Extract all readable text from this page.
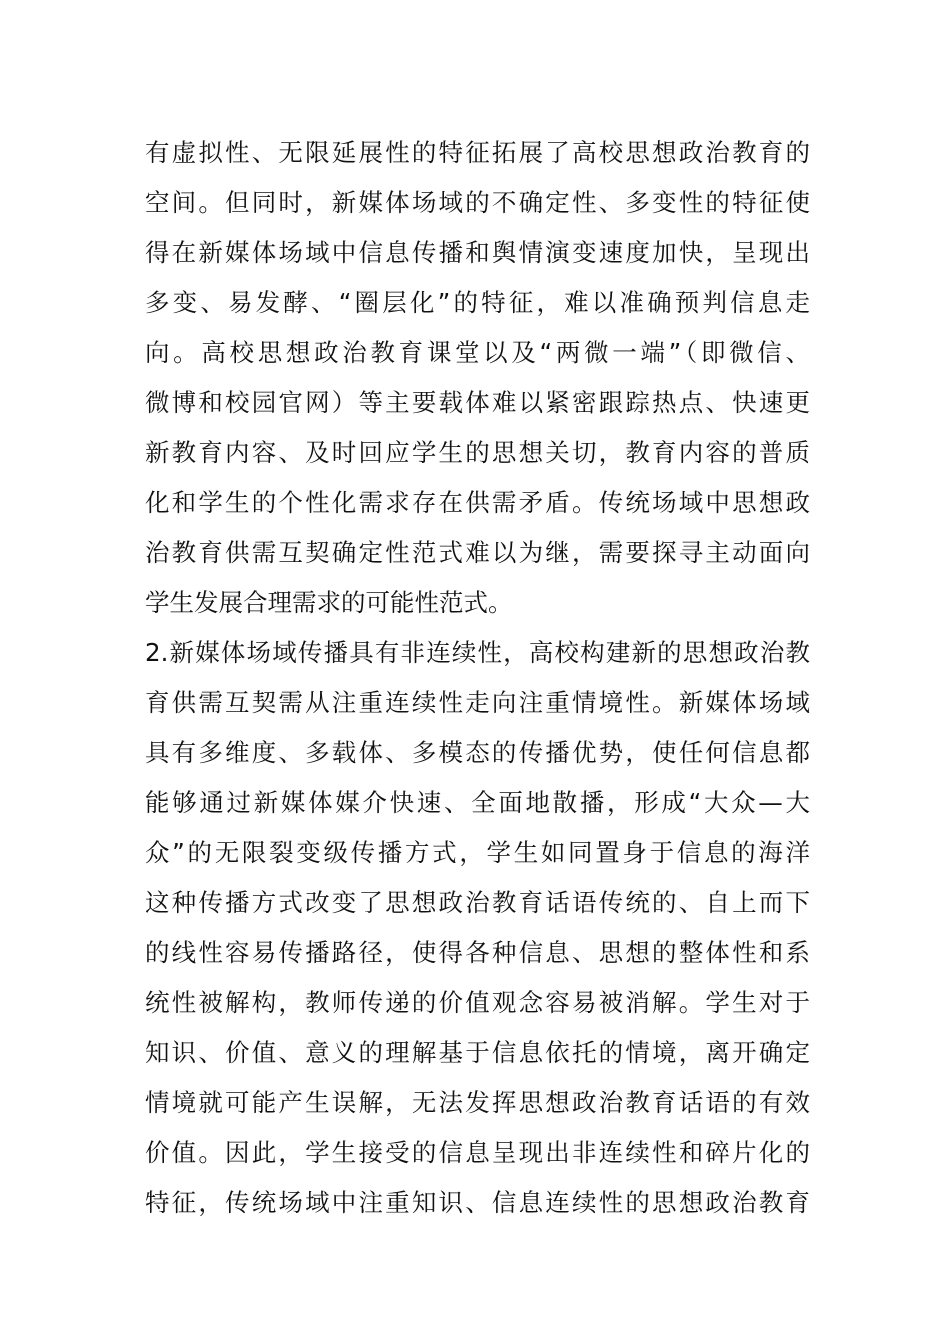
有虚拟性、无限延展性的特征拓展了高校思想政治教育的
空间。但同时，新媒体场域的不确定性、多变性的特征使
得在新媒体场域中信息传播和舆情演变速度加快，呈现出
多变、易发酵、“圈层化”的特征，难以准确预判信息走
向。高校思想政治教育课堂以及“两微一端”（即微信、
微博和校园官网）等主要载体难以紧密跟踪热点、快速更
新教育内容、及时回应学生的思想关切，教育内容的普质
化和学生的个性化需求存在供需矛盾。传统场域中思想政
治教育供需互契确定性范式难以为继，需要探寻主动面向
学生发展合理需求的可能性范式。
2.新媒体场域传播具有非连续性，高校构建新的思想政治教
育供需互契需从注重连续性走向注重情境性。新媒体场域
具有多维度、多载体、多模态的传播优势，使任何信息都
能够通过新媒体媒介快速、全面地散播，形成“大众—大
众”的无限裂变级传播方式，学生如同置身于信息的海洋
这种传播方式改变了思想政治教育话语传统的、自上而下
的线性容易传播路径，使得各种信息、思想的整体性和系
统性被解构，教师传递的价值观念容易被消解。学生对于
知识、价值、意义的理解基于信息依托的情境，离开确定
情境就可能产生误解，无法发挥思想政治教育话语的有效
价值。因此，学生接受的信息呈现出非连续性和碎片化的
特征，传统场域中注重知识、信息连续性的思想政治教育
